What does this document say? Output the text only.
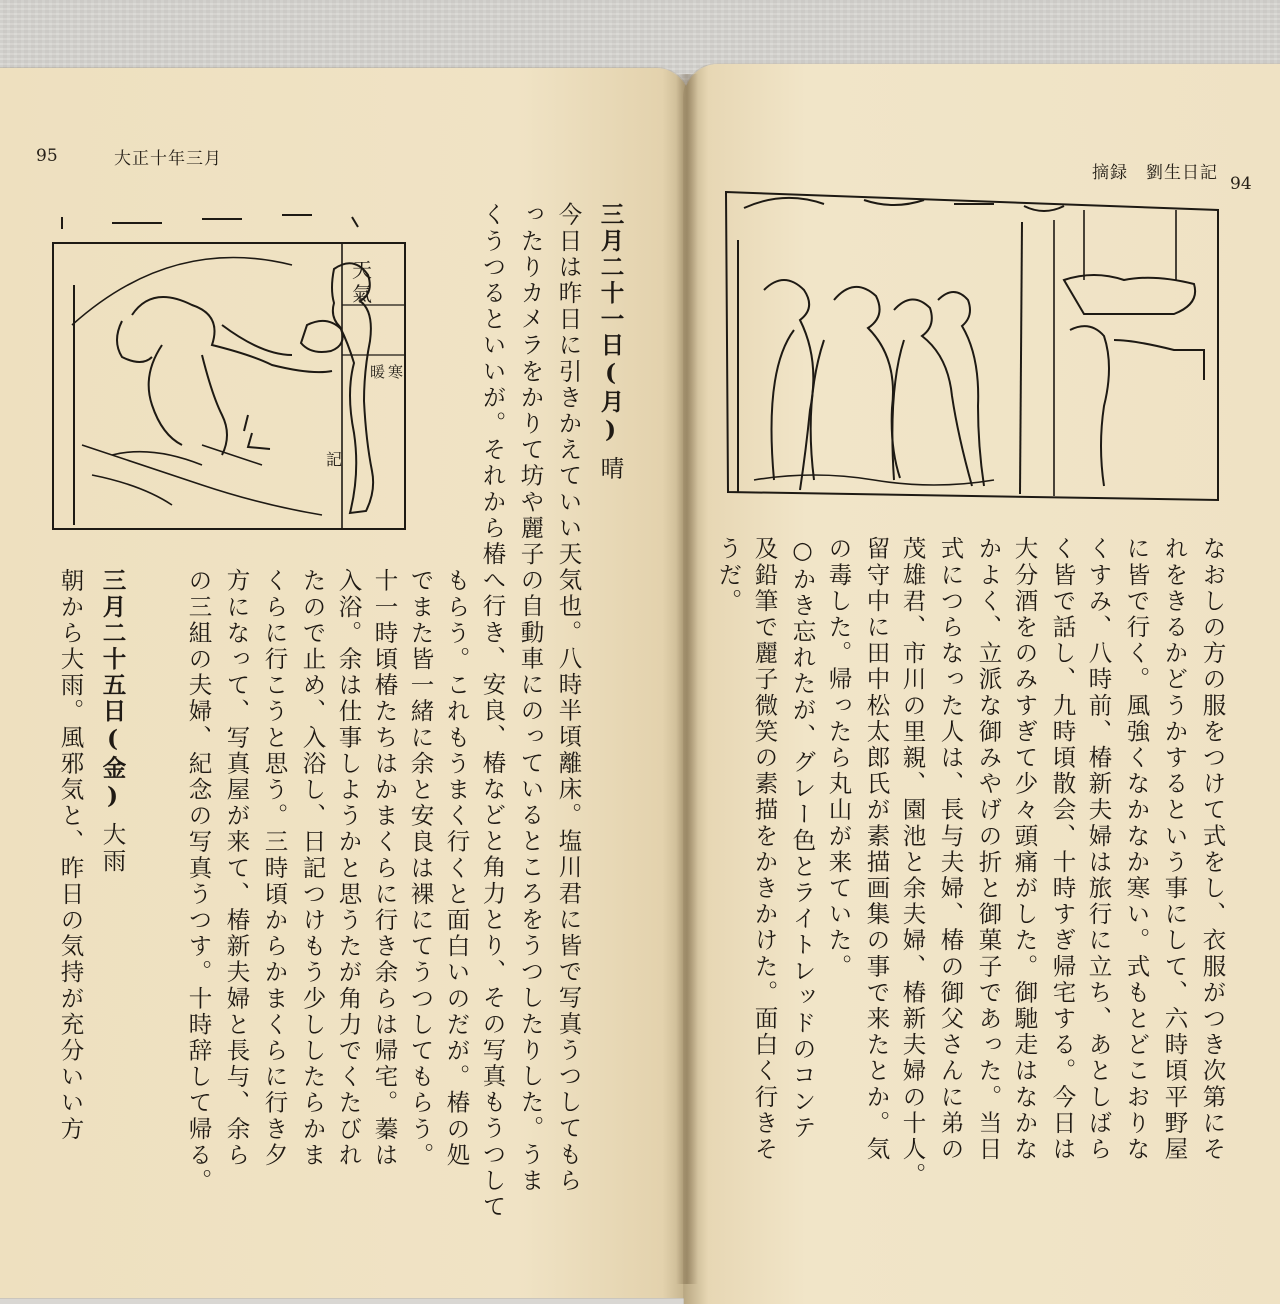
95	大正十年三月
天
氣
暖 寒
記
三月二十一日(月)晴
今日は昨日に引きかえていい天気也。八時半頃離床。塩川君に皆で写真うつしてもら
ったりカメラをかりて坊や麗子の自動車にのっているところをうつしたりした。うま
くうつるといいが。それから椿へ行き、安良、椿などと角力とり、その写真もうつして
もらう。これもうまく行くと面白いのだが。椿の処
でまた皆一緒に余と安良は裸にてうつしてもらう。
十一時頃椿たちはかまくらに行き余らは帰宅。蓁は
入浴。余は仕事しようかと思うたが角力でくたびれ
たので止め、入浴し、日記つけもう少ししたらかま
くらに行こうと思う。三時頃からかまくらに行き夕
方になって、写真屋が来て、椿新夫婦と長与、余ら
の三組の夫婦、紀念の写真うつす。十時辞して帰る。
三月二十五日(金)大雨
朝から大雨。風邪気と、昨日の気持が充分いい方
摘録　劉生日記
94
なおしの方の服をつけて式をし、衣服がつき次第にそ
れをきるかどうかするという事にして、六時頃平野屋
に皆で行く。風強くなかなか寒い。式もとどこおりな
くすみ、八時前、椿新夫婦は旅行に立ち、あとしばら
く皆で話し、九時頃散会、十時すぎ帰宅する。今日は
大分酒をのみすぎて少々頭痛がした。御馳走はなかな
かよく、立派な御みやげの折と御菓子であった。当日
式につらなった人は、長与夫婦、椿の御父さんに弟の
茂雄君、市川の里親、園池と余夫婦、椿新夫婦の十人。
留守中に田中松太郎氏が素描画集の事で来たとか。気
の毒した。帰ったら丸山が来ていた。
○かき忘れたが、グレー色とライトレッドのコンテ
及鉛筆で麗子微笑の素描をかきかけた。面白く行きそ
うだ。
